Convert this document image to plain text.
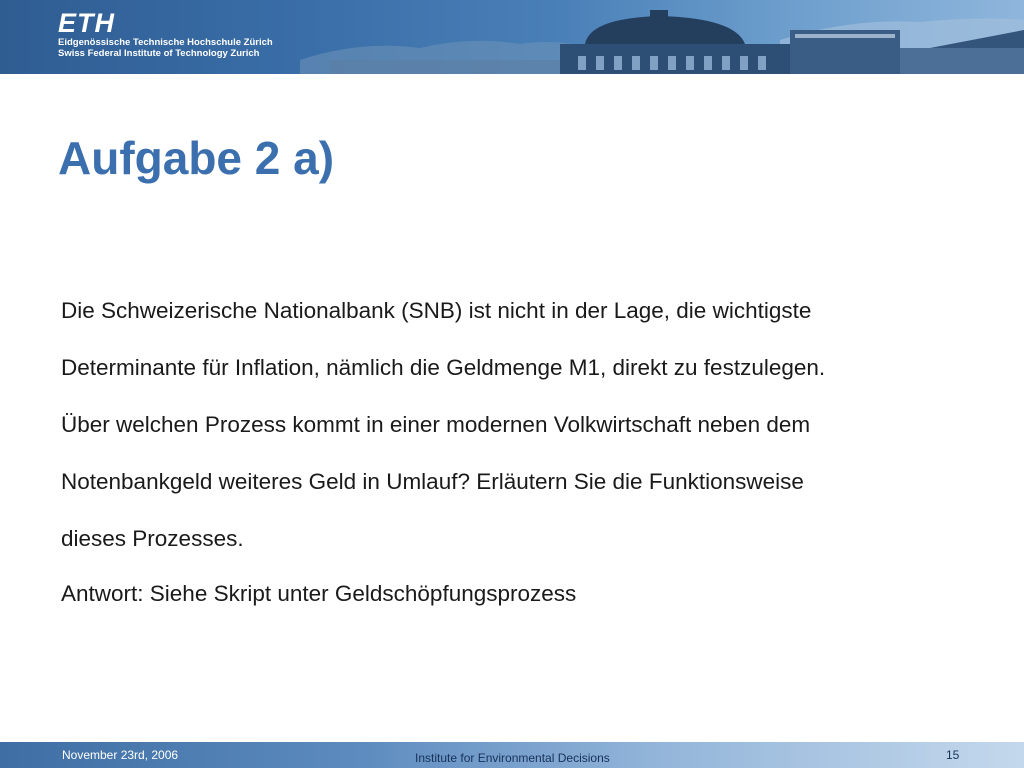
ETH
Eidgenössische Technische Hochschule Zürich
Swiss Federal Institute of Technology Zurich
Aufgabe 2 a)
Die Schweizerische Nationalbank (SNB) ist nicht in der Lage, die wichtigste
Determinante für Inflation, nämlich die Geldmenge M1, direkt zu festzulegen.
Über welchen Prozess kommt in einer modernen Volkwirtschaft neben dem
Notenbankgeld weiteres Geld in Umlauf? Erläutern Sie die Funktionsweise
dieses Prozesses.

Antwort: Siehe Skript unter Geldschöpfungsprozess

November 23rd, 2006	Institute for Environmental Decisions	15
